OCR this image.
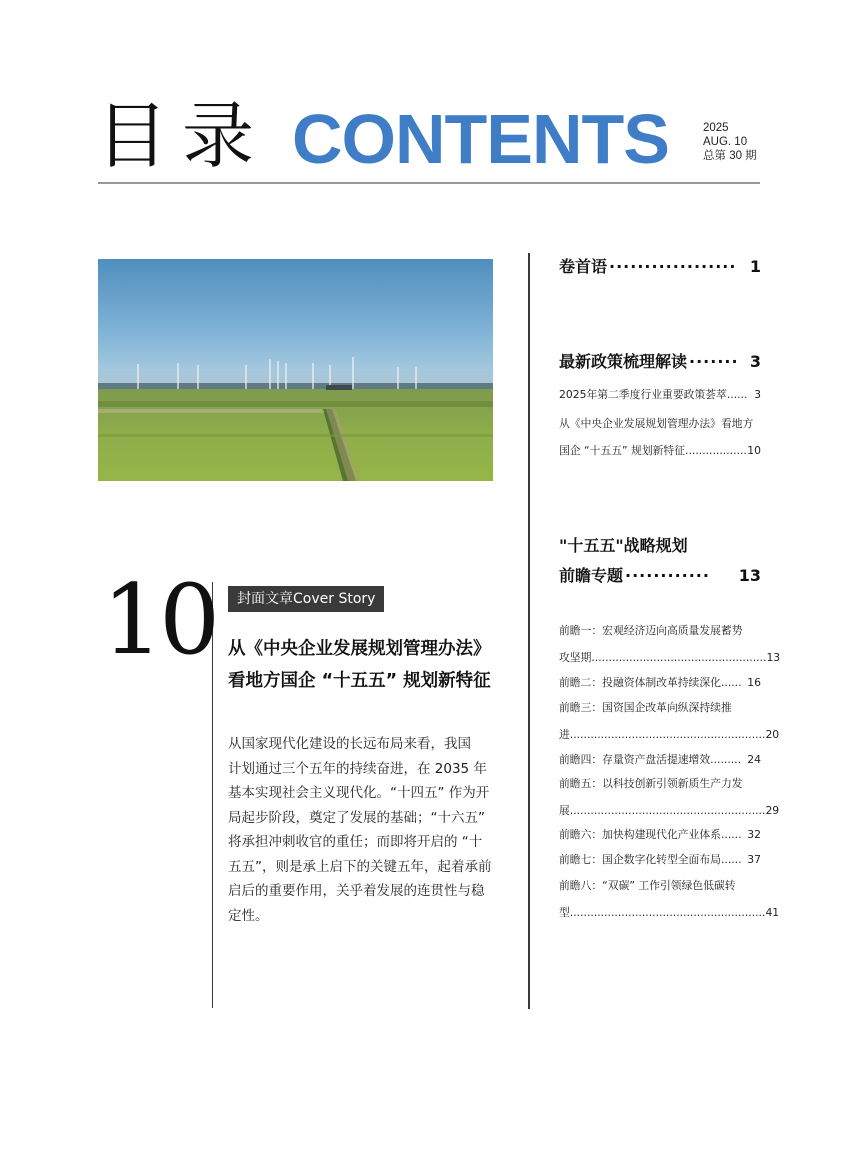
目录 CONTENTS	2025
AUG. 10
总第 30 期
10	封面文章Cover Story
从《中央企业发展规划管理办法》
看地方国企 “十五五” 规划新特征
从国家现代化建设的长远布局来看，我国
计划通过三个五年的持续奋进，在 2035 年
基本实现社会主义现代化。“十四五” 作为开
局起步阶段，奠定了发展的基础；“十六五”
将承担冲刺收官的重任；而即将开启的 “十
五五”，则是承上启下的关键五年，起着承前
启后的重要作用，关乎着发展的连贯性与稳
定性。
卷首语 ·················· 1
最新政策梳理解读 ······· 3
2025年第二季度行业重要政策荟萃 ...... 3
从《中央企业发展规划管理办法》看地方
国企 “十五五” 规划新特征 .................. 10
"十五五"战略规划
前瞻专题 ············	13
前瞻一：宏观经济迈向高质量发展蓄势
攻坚期 ................................................... 13
前瞻二：投融资体制改革持续深化 ...... 16
前瞻三：国资国企改革向纵深持续推
进 ......................................................... 20
前瞻四：存量资产盘活提速增效 ......... 24
前瞻五：以科技创新引领新质生产力发
展 ......................................................... 29
前瞻六：加快构建现代化产业体系 ...... 32
前瞻七：国企数字化转型全面布局 ...... 37
前瞻八：“双碳” 工作引领绿色低碳转
型 ......................................................... 41
